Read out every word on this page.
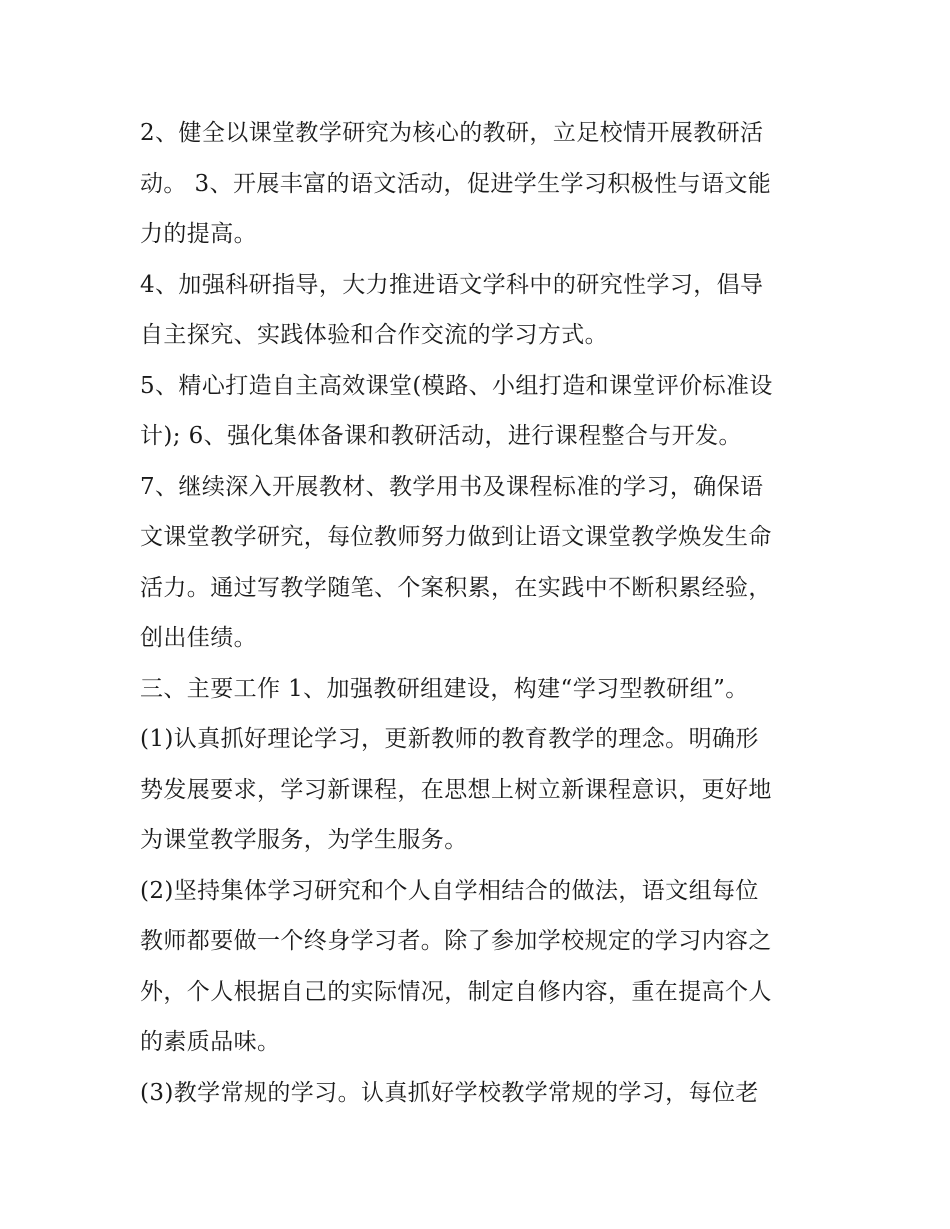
2、健全以课堂教学研究为核心的教研，立足校情开展教研活
动。 3、开展丰富的语文活动，促进学生学习积极性与语文能
力的提高。

4、加强科研指导，大力推进语文学科中的研究性学习，倡导
自主探究、实践体验和合作交流的学习方式。

5、精心打造自主高效课堂(模路、小组打造和课堂评价标准设
计); 6、强化集体备课和教研活动，进行课程整合与开发。

7、继续深入开展教材、教学用书及课程标准的学习，确保语
文课堂教学研究，每位教师努力做到让语文课堂教学焕发生命
活力。通过写教学随笔、个案积累，在实践中不断积累经验，
创出佳绩。

三、主要工作 1、加强教研组建设，构建“学习型教研组”。

(1)认真抓好理论学习，更新教师的教育教学的理念。明确形
势发展要求，学习新课程，在思想上树立新课程意识，更好地
为课堂教学服务，为学生服务。

(2)坚持集体学习研究和个人自学相结合的做法，语文组每位
教师都要做一个终身学习者。除了参加学校规定的学习内容之
外，个人根据自己的实际情况，制定自修内容，重在提高个人
的素质品味。

(3)教学常规的学习。认真抓好学校教学常规的学习，每位老
